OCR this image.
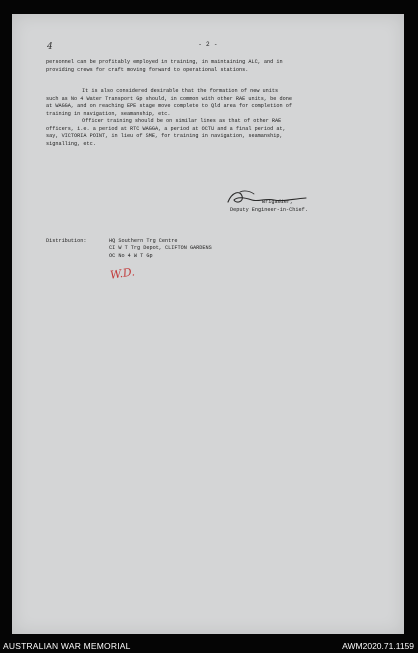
4	- 2 -
personnel can be profitably employed in training, in maintaining ALC, and in
providing crews for craft moving forward to operational stations.
It is also considered desirable that the formation of new units
such as No 4 Water Transport Gp should, in common with other RAE units, be done
at WAGGA, and on reaching EPE stage move complete to Qld area for completion of
training in navigation, seamanship, etc.
Officer training should be on similar lines as that of other RAE
officers, i.e. a period at RTC WAGGA, a period at OCTU and a final period at,
say, VICTORIA POINT, in lieu of SME, for training in navigation, seamanship,
signalling, etc.
Brigadier,
Deputy Engineer-in-Chief.
Distribution:	HQ Southern Trg Centre
CI W T Trg Depot, CLIFTON GARDENS
OC No 4 W T Gp
W.D.
AUSTRALIAN WAR MEMORIAL	AWM2020.71.1159
